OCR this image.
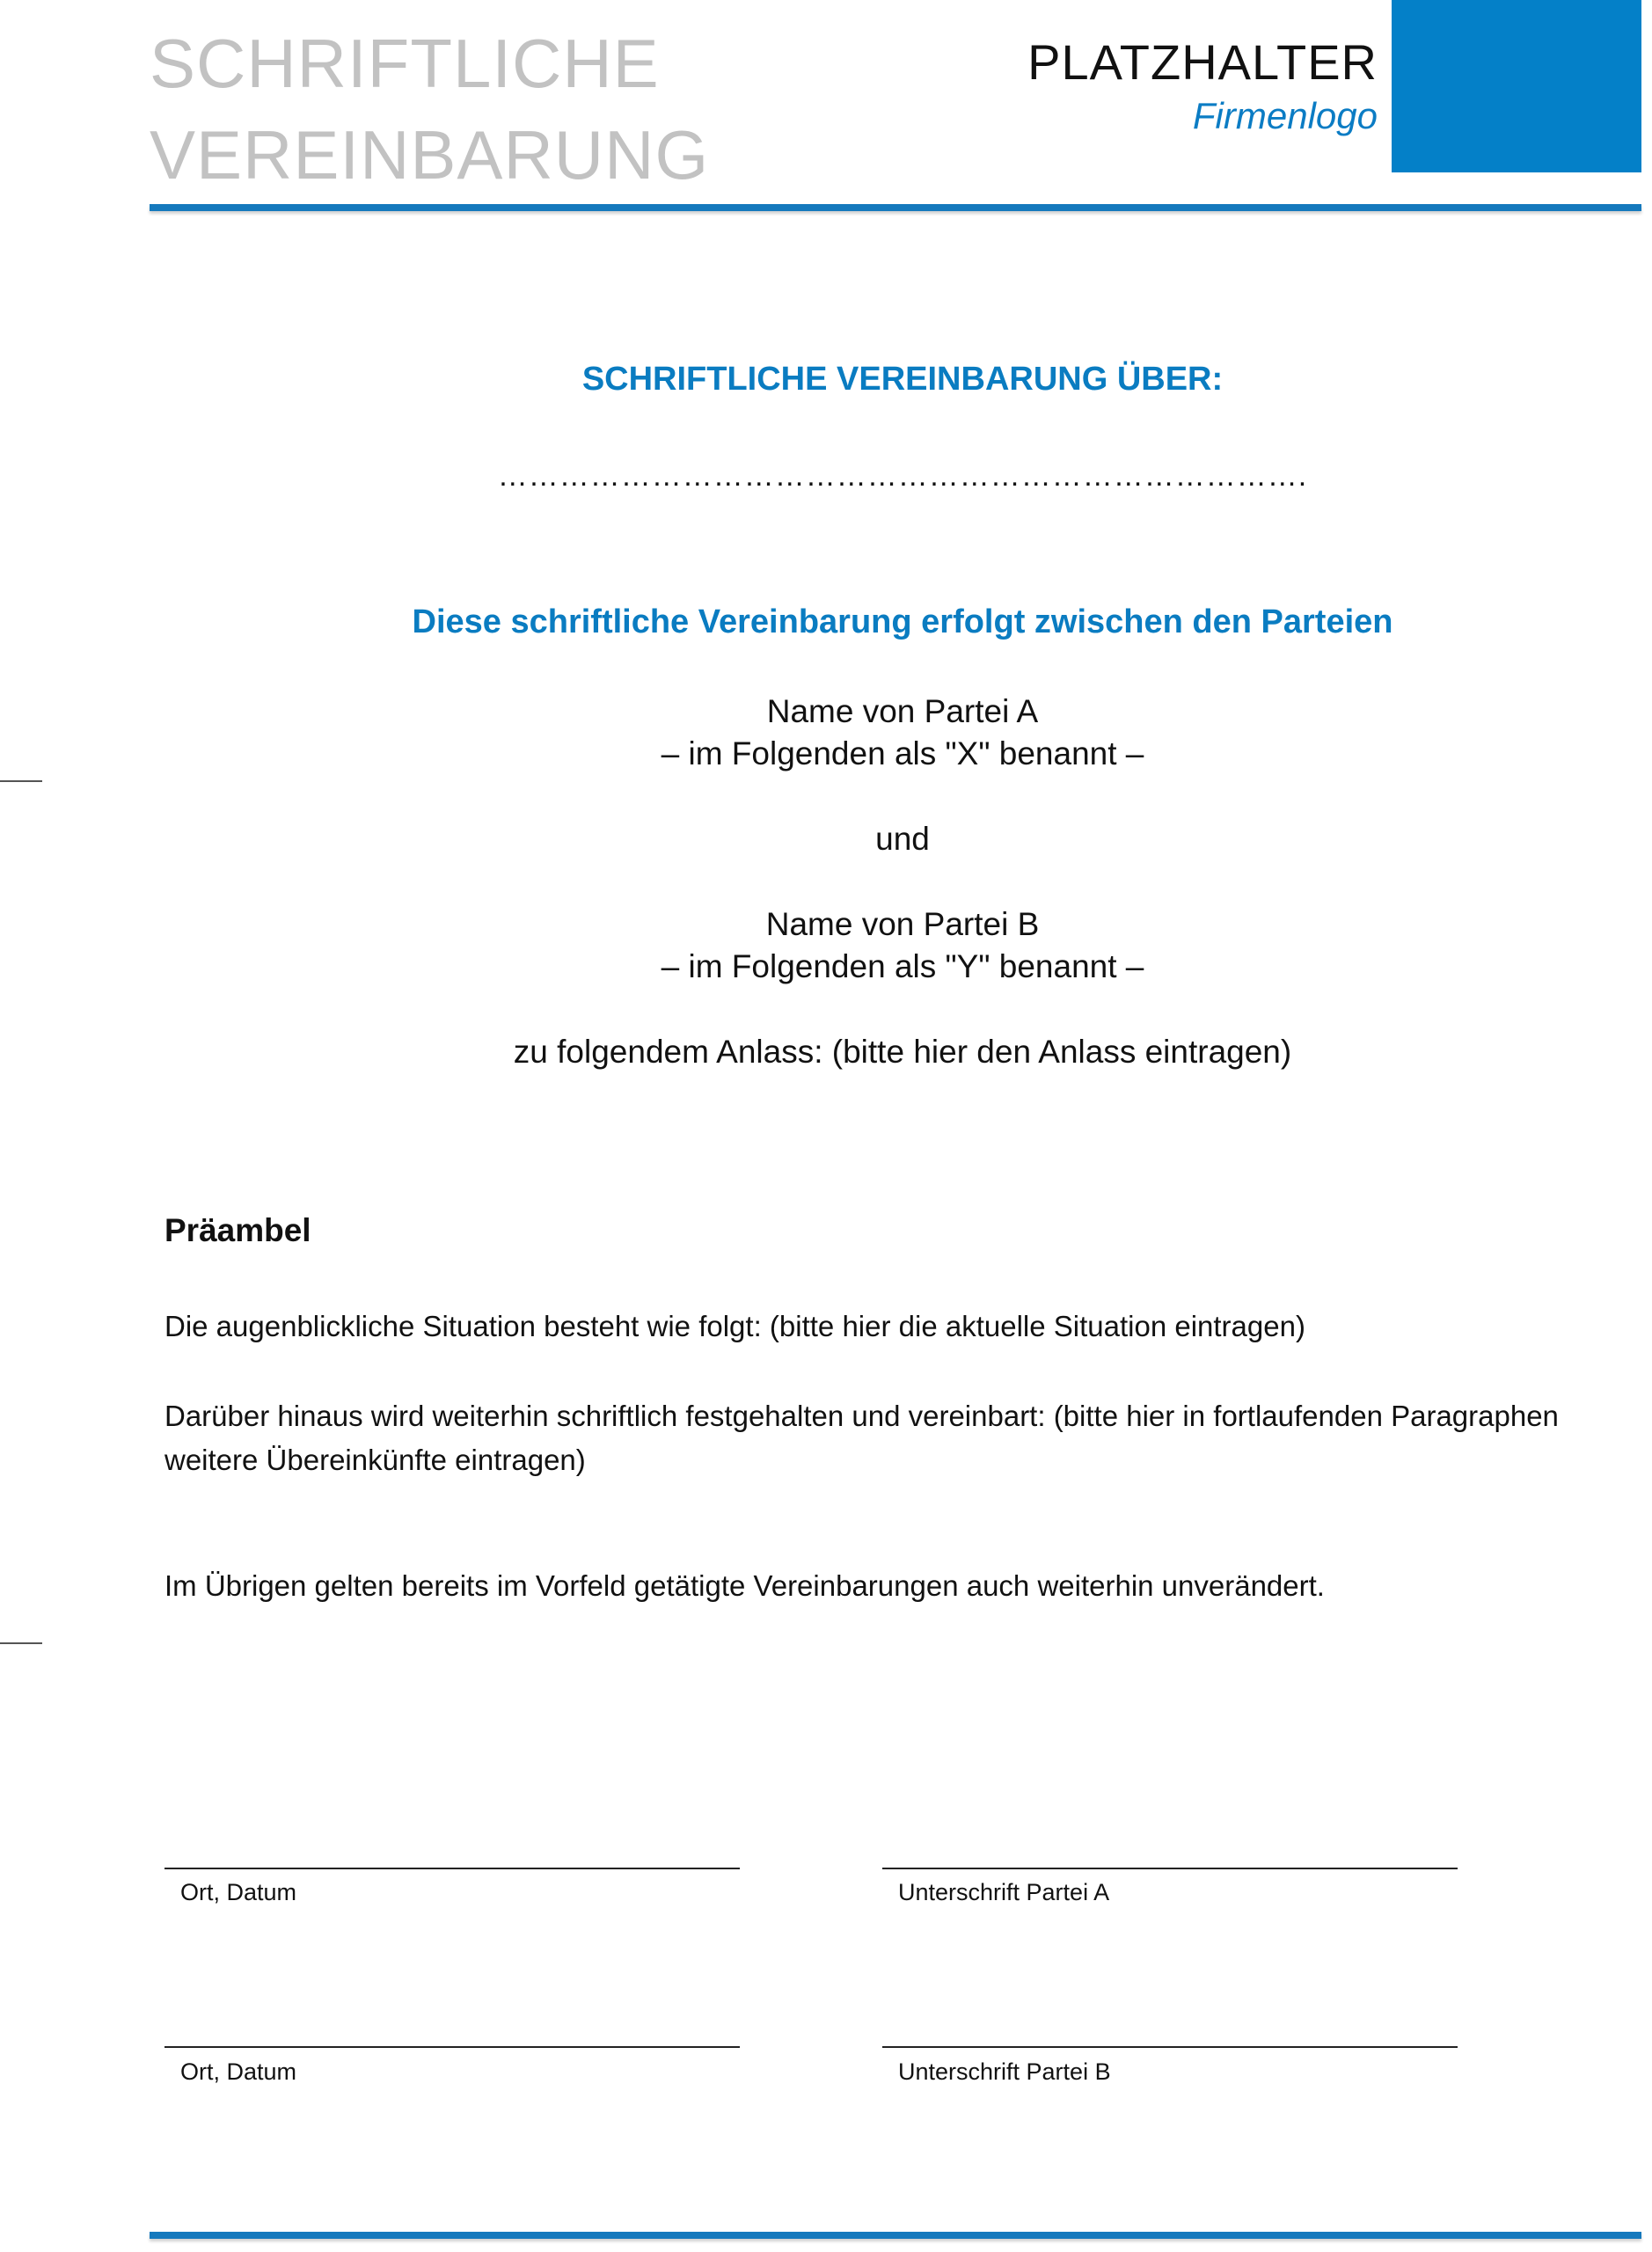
SCHRIFTLICHE
VEREINBARUNG
PLATZHALTER
Firmenlogo
SCHRIFTLICHE VEREINBARUNG ÜBER:
…………………………………………………………………….
Diese schriftliche Vereinbarung erfolgt zwischen den Parteien
Name von Partei A
– im Folgenden als "X" benannt –
und
Name von Partei B
– im Folgenden als "Y" benannt –
zu folgendem Anlass: (bitte hier den Anlass eintragen)
Präambel
Die augenblickliche Situation besteht wie folgt: (bitte hier die aktuelle Situation eintragen)
Darüber hinaus wird weiterhin schriftlich festgehalten und vereinbart: (bitte hier in fortlaufenden Paragraphen
weitere Übereinkünfte eintragen)
Im Übrigen gelten bereits im Vorfeld getätigte Vereinbarungen auch weiterhin unverändert.
Ort, Datum	Unterschrift Partei A
Ort, Datum	Unterschrift Partei B
